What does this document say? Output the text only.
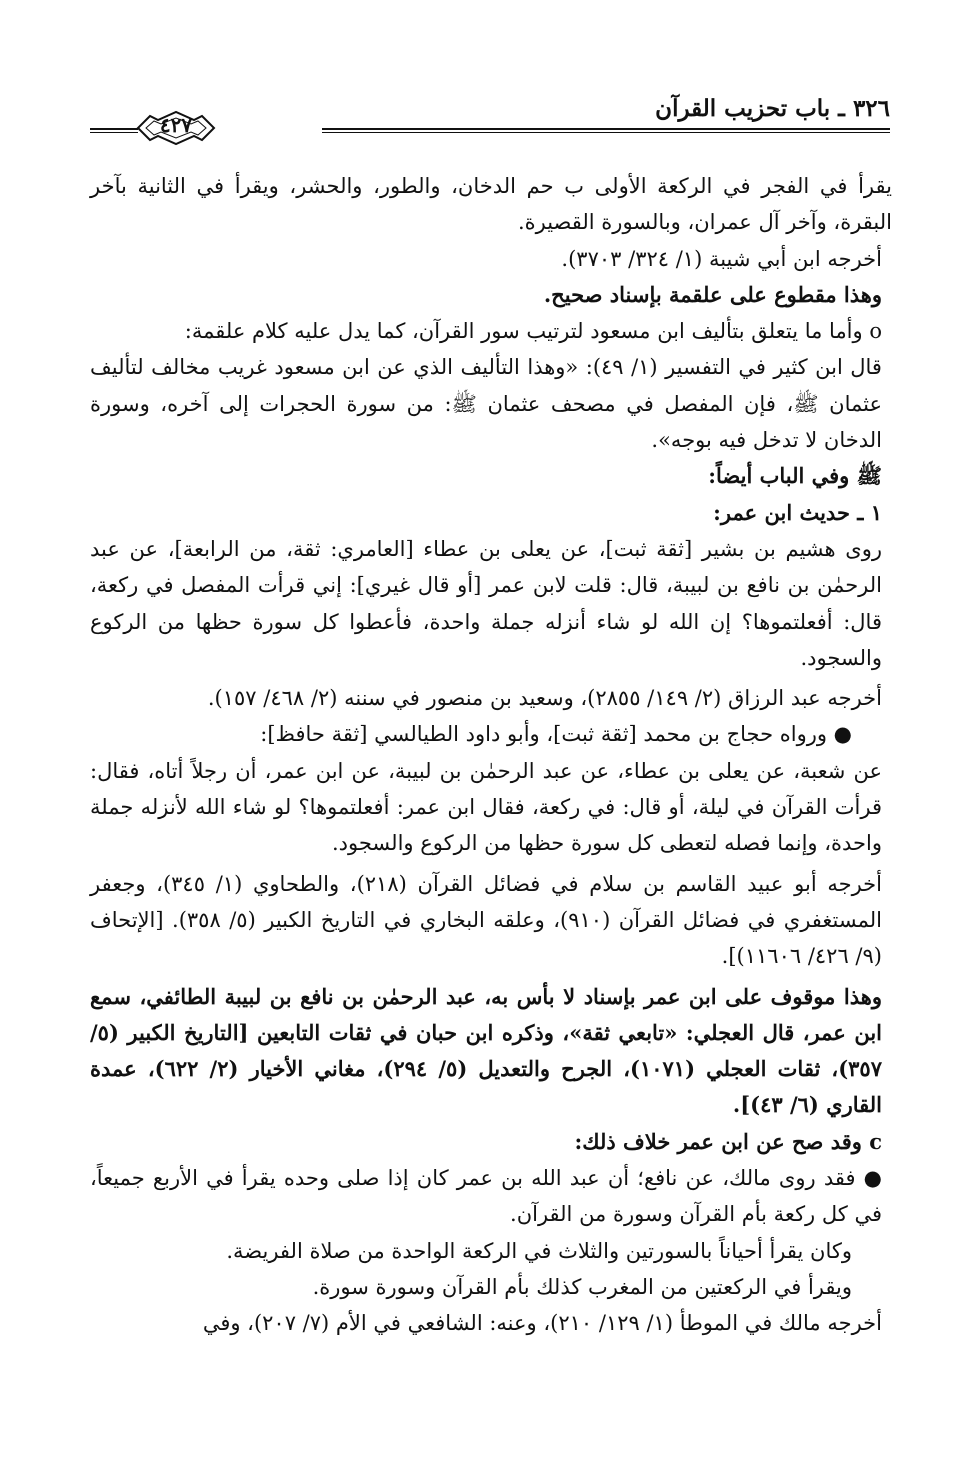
٣٢٦ ـ باب تحزيب القرآن
٤٢٧

يقرأ في الفجر في الركعة الأولى ب حم الدخان، والطور، والحشر، ويقرأ في الثانية بآخر البقرة، وآخر آل عمران، وبالسورة القصيرة.

أخرجه ابن أبي شيبة (١/ ٣٢٤/ ٣٧٠٣).

وهذا مقطوع على علقمة بإسناد صحيح.

o وأما ما يتعلق بتأليف ابن مسعود لترتيب سور القرآن، كما يدل عليه كلام علقمة:

قال ابن كثير في التفسير (١/ ٤٩): «وهذا التأليف الذي عن ابن مسعود غريب مخالف لتأليف عثمان ﷺ، فإن المفصل في مصحف عثمان ﷺ: من سورة الحجرات إلى آخره، وسورة الدخان لا تدخل فيه بوجه».

ﷺ وفي الباب أيضاً:

١ ـ حديث ابن عمر:

روى هشيم بن بشير [ثقة ثبت]، عن يعلى بن عطاء [العامري: ثقة، من الرابعة]، عن عبد الرحمٰن بن نافع بن لبيبة، قال: قلت لابن عمر [أو قال غيري]: إني قرأت المفصل في ركعة، قال: أفعلتموها؟ إن الله لو شاء أنزله جملة واحدة، فأعطوا كل سورة حظها من الركوع والسجود.

أخرجه عبد الرزاق (٢/ ١٤٩/ ٢٨٥٥)، وسعيد بن منصور في سننه (٢/ ٤٦٨/ ١٥٧).

● ورواه حجاج بن محمد [ثقة ثبت]، وأبو داود الطيالسي [ثقة حافظ]:

عن شعبة، عن يعلى بن عطاء، عن عبد الرحمٰن بن لبيبة، عن ابن عمر، أن رجلاً أتاه، فقال: قرأت القرآن في ليلة، أو قال: في ركعة، فقال ابن عمر: أفعلتموها؟ لو شاء الله لأنزله جملة واحدة، وإنما فصله لتعطى كل سورة حظها من الركوع والسجود.

أخرجه أبو عبيد القاسم بن سلام في فضائل القرآن (٢١٨)، والطحاوي (١/ ٣٤٥)، وجعفر المستغفري في فضائل القرآن (٩١٠)، وعلقه البخاري في التاريخ الكبير (٥/ ٣٥٨). [الإتحاف (٩/ ٤٢٦/ ١١٦٠٦)].

وهذا موقوف على ابن عمر بإسناد لا بأس به، عبد الرحمٰن بن نافع بن لبيبة الطائفي، سمع ابن عمر، قال العجلي: «تابعي ثقة»، وذكره ابن حبان في ثقات التابعين [التاريخ الكبير (٥/ ٣٥٧)، ثقات العجلي (١٠٧١)، الجرح والتعديل (٥/ ٢٩٤)، مغاني الأخيار (٢/ ٦٢٢)، عمدة القاري (٦/ ٤٣)].

c وقد صح عن ابن عمر خلاف ذلك:

● فقد روى مالك، عن نافع؛ أن عبد الله بن عمر كان إذا صلى وحده يقرأ في الأربع جميعاً، في كل ركعة بأم القرآن وسورة من القرآن.

وكان يقرأ أحياناً بالسورتين والثلاث في الركعة الواحدة من صلاة الفريضة.

ويقرأ في الركعتين من المغرب كذلك بأم القرآن وسورة سورة.

أخرجه مالك في الموطأ (١/ ١٢٩/ ٢١٠)، وعنه: الشافعي في الأم (٧/ ٢٠٧)، وفي
